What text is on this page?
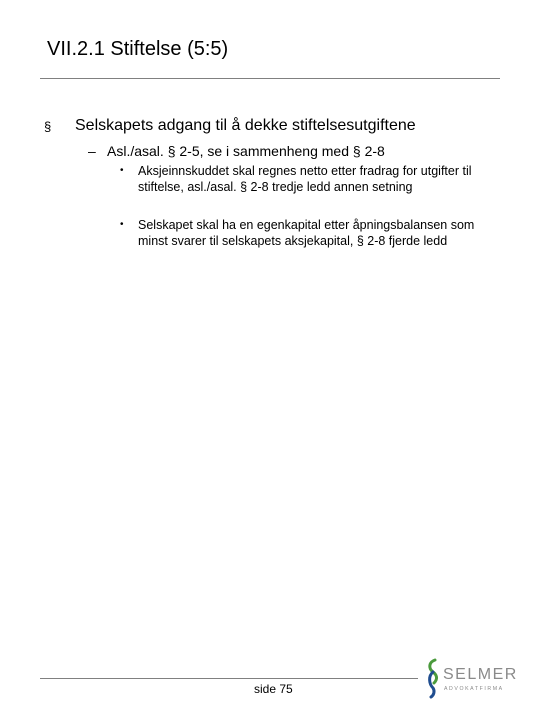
VII.2.1 Stiftelse (5:5)
§ Selskapets adgang til å dekke stiftelsesutgiftene
– Asl./asal. § 2-5, se i sammenheng med § 2-8
• Aksjeinnskuddet skal regnes netto etter fradrag for utgifter til stiftelse, asl./asal. § 2-8 tredje ledd annen setning
• Selskapet skal ha en egenkapital etter åpningsbalansen som minst svarer til selskapets aksjekapital, § 2-8 fjerde ledd
side 75
SELMER
ADVOKATFIRMA
